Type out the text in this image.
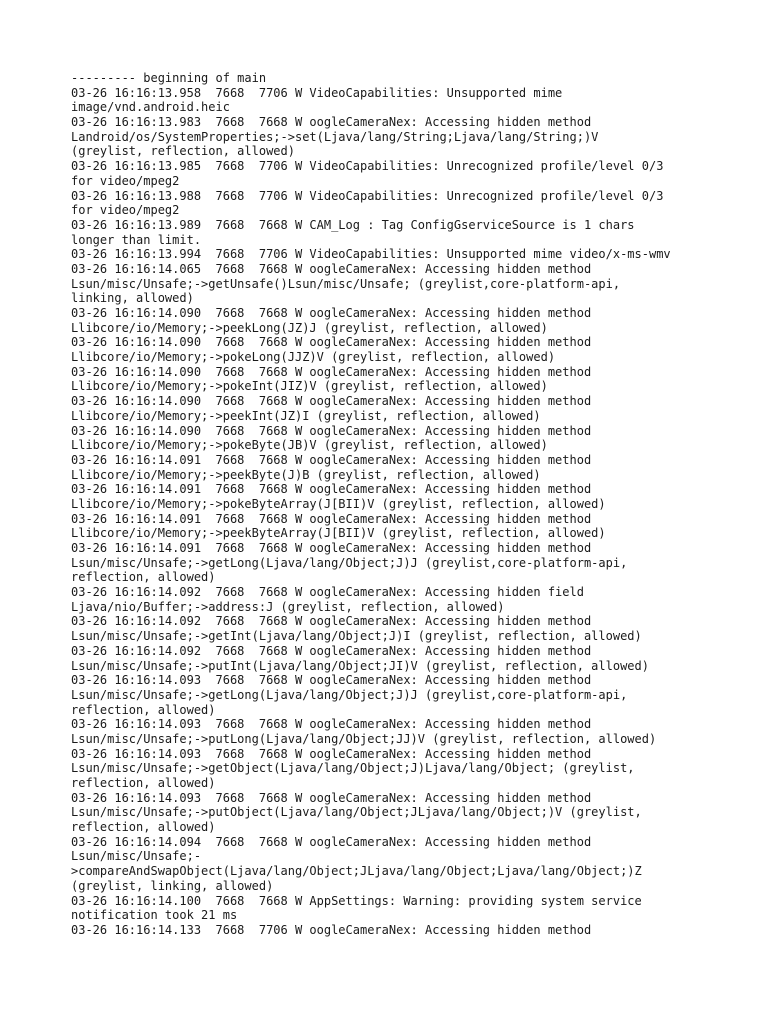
--------- beginning of main
03-26 16:16:13.958  7668  7706 W VideoCapabilities: Unsupported mime
image/vnd.android.heic
03-26 16:16:13.983  7668  7668 W oogleCameraNex: Accessing hidden method
Landroid/os/SystemProperties;->set(Ljava/lang/String;Ljava/lang/String;)V
(greylist, reflection, allowed)
03-26 16:16:13.985  7668  7706 W VideoCapabilities: Unrecognized profile/level 0/3
for video/mpeg2
03-26 16:16:13.988  7668  7706 W VideoCapabilities: Unrecognized profile/level 0/3
for video/mpeg2
03-26 16:16:13.989  7668  7668 W CAM_Log : Tag ConfigGserviceSource is 1 chars
longer than limit.
03-26 16:16:13.994  7668  7706 W VideoCapabilities: Unsupported mime video/x-ms-wmv
03-26 16:16:14.065  7668  7668 W oogleCameraNex: Accessing hidden method
Lsun/misc/Unsafe;->getUnsafe()Lsun/misc/Unsafe; (greylist,core-platform-api,
linking, allowed)
03-26 16:16:14.090  7668  7668 W oogleCameraNex: Accessing hidden method
Llibcore/io/Memory;->peekLong(JZ)J (greylist, reflection, allowed)
03-26 16:16:14.090  7668  7668 W oogleCameraNex: Accessing hidden method
Llibcore/io/Memory;->pokeLong(JJZ)V (greylist, reflection, allowed)
03-26 16:16:14.090  7668  7668 W oogleCameraNex: Accessing hidden method
Llibcore/io/Memory;->pokeInt(JIZ)V (greylist, reflection, allowed)
03-26 16:16:14.090  7668  7668 W oogleCameraNex: Accessing hidden method
Llibcore/io/Memory;->peekInt(JZ)I (greylist, reflection, allowed)
03-26 16:16:14.090  7668  7668 W oogleCameraNex: Accessing hidden method
Llibcore/io/Memory;->pokeByte(JB)V (greylist, reflection, allowed)
03-26 16:16:14.091  7668  7668 W oogleCameraNex: Accessing hidden method
Llibcore/io/Memory;->peekByte(J)B (greylist, reflection, allowed)
03-26 16:16:14.091  7668  7668 W oogleCameraNex: Accessing hidden method
Llibcore/io/Memory;->pokeByteArray(J[BII)V (greylist, reflection, allowed)
03-26 16:16:14.091  7668  7668 W oogleCameraNex: Accessing hidden method
Llibcore/io/Memory;->peekByteArray(J[BII)V (greylist, reflection, allowed)
03-26 16:16:14.091  7668  7668 W oogleCameraNex: Accessing hidden method
Lsun/misc/Unsafe;->getLong(Ljava/lang/Object;J)J (greylist,core-platform-api,
reflection, allowed)
03-26 16:16:14.092  7668  7668 W oogleCameraNex: Accessing hidden field
Ljava/nio/Buffer;->address:J (greylist, reflection, allowed)
03-26 16:16:14.092  7668  7668 W oogleCameraNex: Accessing hidden method
Lsun/misc/Unsafe;->getInt(Ljava/lang/Object;J)I (greylist, reflection, allowed)
03-26 16:16:14.092  7668  7668 W oogleCameraNex: Accessing hidden method
Lsun/misc/Unsafe;->putInt(Ljava/lang/Object;JI)V (greylist, reflection, allowed)
03-26 16:16:14.093  7668  7668 W oogleCameraNex: Accessing hidden method
Lsun/misc/Unsafe;->getLong(Ljava/lang/Object;J)J (greylist,core-platform-api,
reflection, allowed)
03-26 16:16:14.093  7668  7668 W oogleCameraNex: Accessing hidden method
Lsun/misc/Unsafe;->putLong(Ljava/lang/Object;JJ)V (greylist, reflection, allowed)
03-26 16:16:14.093  7668  7668 W oogleCameraNex: Accessing hidden method
Lsun/misc/Unsafe;->getObject(Ljava/lang/Object;J)Ljava/lang/Object; (greylist,
reflection, allowed)
03-26 16:16:14.093  7668  7668 W oogleCameraNex: Accessing hidden method
Lsun/misc/Unsafe;->putObject(Ljava/lang/Object;JLjava/lang/Object;)V (greylist,
reflection, allowed)
03-26 16:16:14.094  7668  7668 W oogleCameraNex: Accessing hidden method
Lsun/misc/Unsafe;-
>compareAndSwapObject(Ljava/lang/Object;JLjava/lang/Object;Ljava/lang/Object;)Z
(greylist, linking, allowed)
03-26 16:16:14.100  7668  7668 W AppSettings: Warning: providing system service
notification took 21 ms
03-26 16:16:14.133  7668  7706 W oogleCameraNex: Accessing hidden method
